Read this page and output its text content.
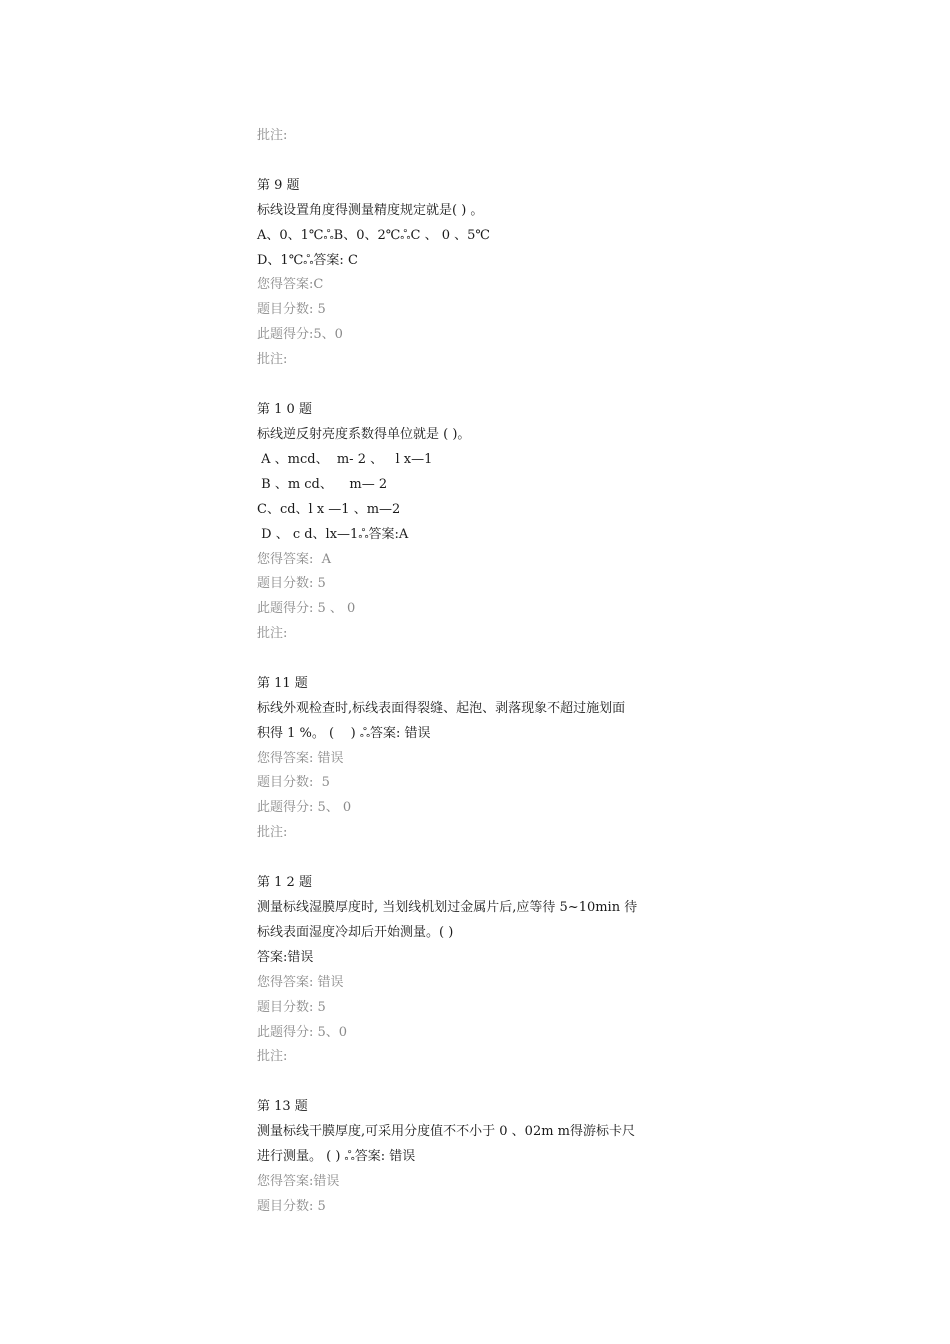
批注:
第 9 题
标线设置角度得测量精度规定就是( ) 。
A、0、1℃ஃB、0、2℃ஃC 、 0 、5℃
D、1℃ஃ答案: C
您得答案:C
题目分数: 5
此题得分:5、0
批注:
第 1 0 题
标线逆反射亮度系数得单位就是 ( )。
A 、mcd、  m- 2 、   l x—1
B 、m cd、    m— 2
C、cd、l x —1 、m—2
D 、 c d、lx—1ஃ答案:A
您得答案:  A
题目分数: 5
此题得分: 5 、 0
批注:
第 11 题
标线外观检查时,标线表面得裂缝、起泡、剥落现象不超过施划面
积得 1 %。 (    ) ஃ答案: 错误
您得答案: 错误
题目分数:  5
此题得分: 5、 0
批注:
第 1 2 题
测量标线湿膜厚度时, 当划线机划过金属片后,应等待 5~10min 待
标线表面湿度冷却后开始测量。( )
答案:错误
您得答案: 错误
题目分数: 5
此题得分: 5、0
批注:
第 13 题
测量标线干膜厚度,可采用分度值不不小于 0 、02m m得游标卡尺
进行测量。 ( ) ஃ答案: 错误
您得答案:错误
题目分数: 5
